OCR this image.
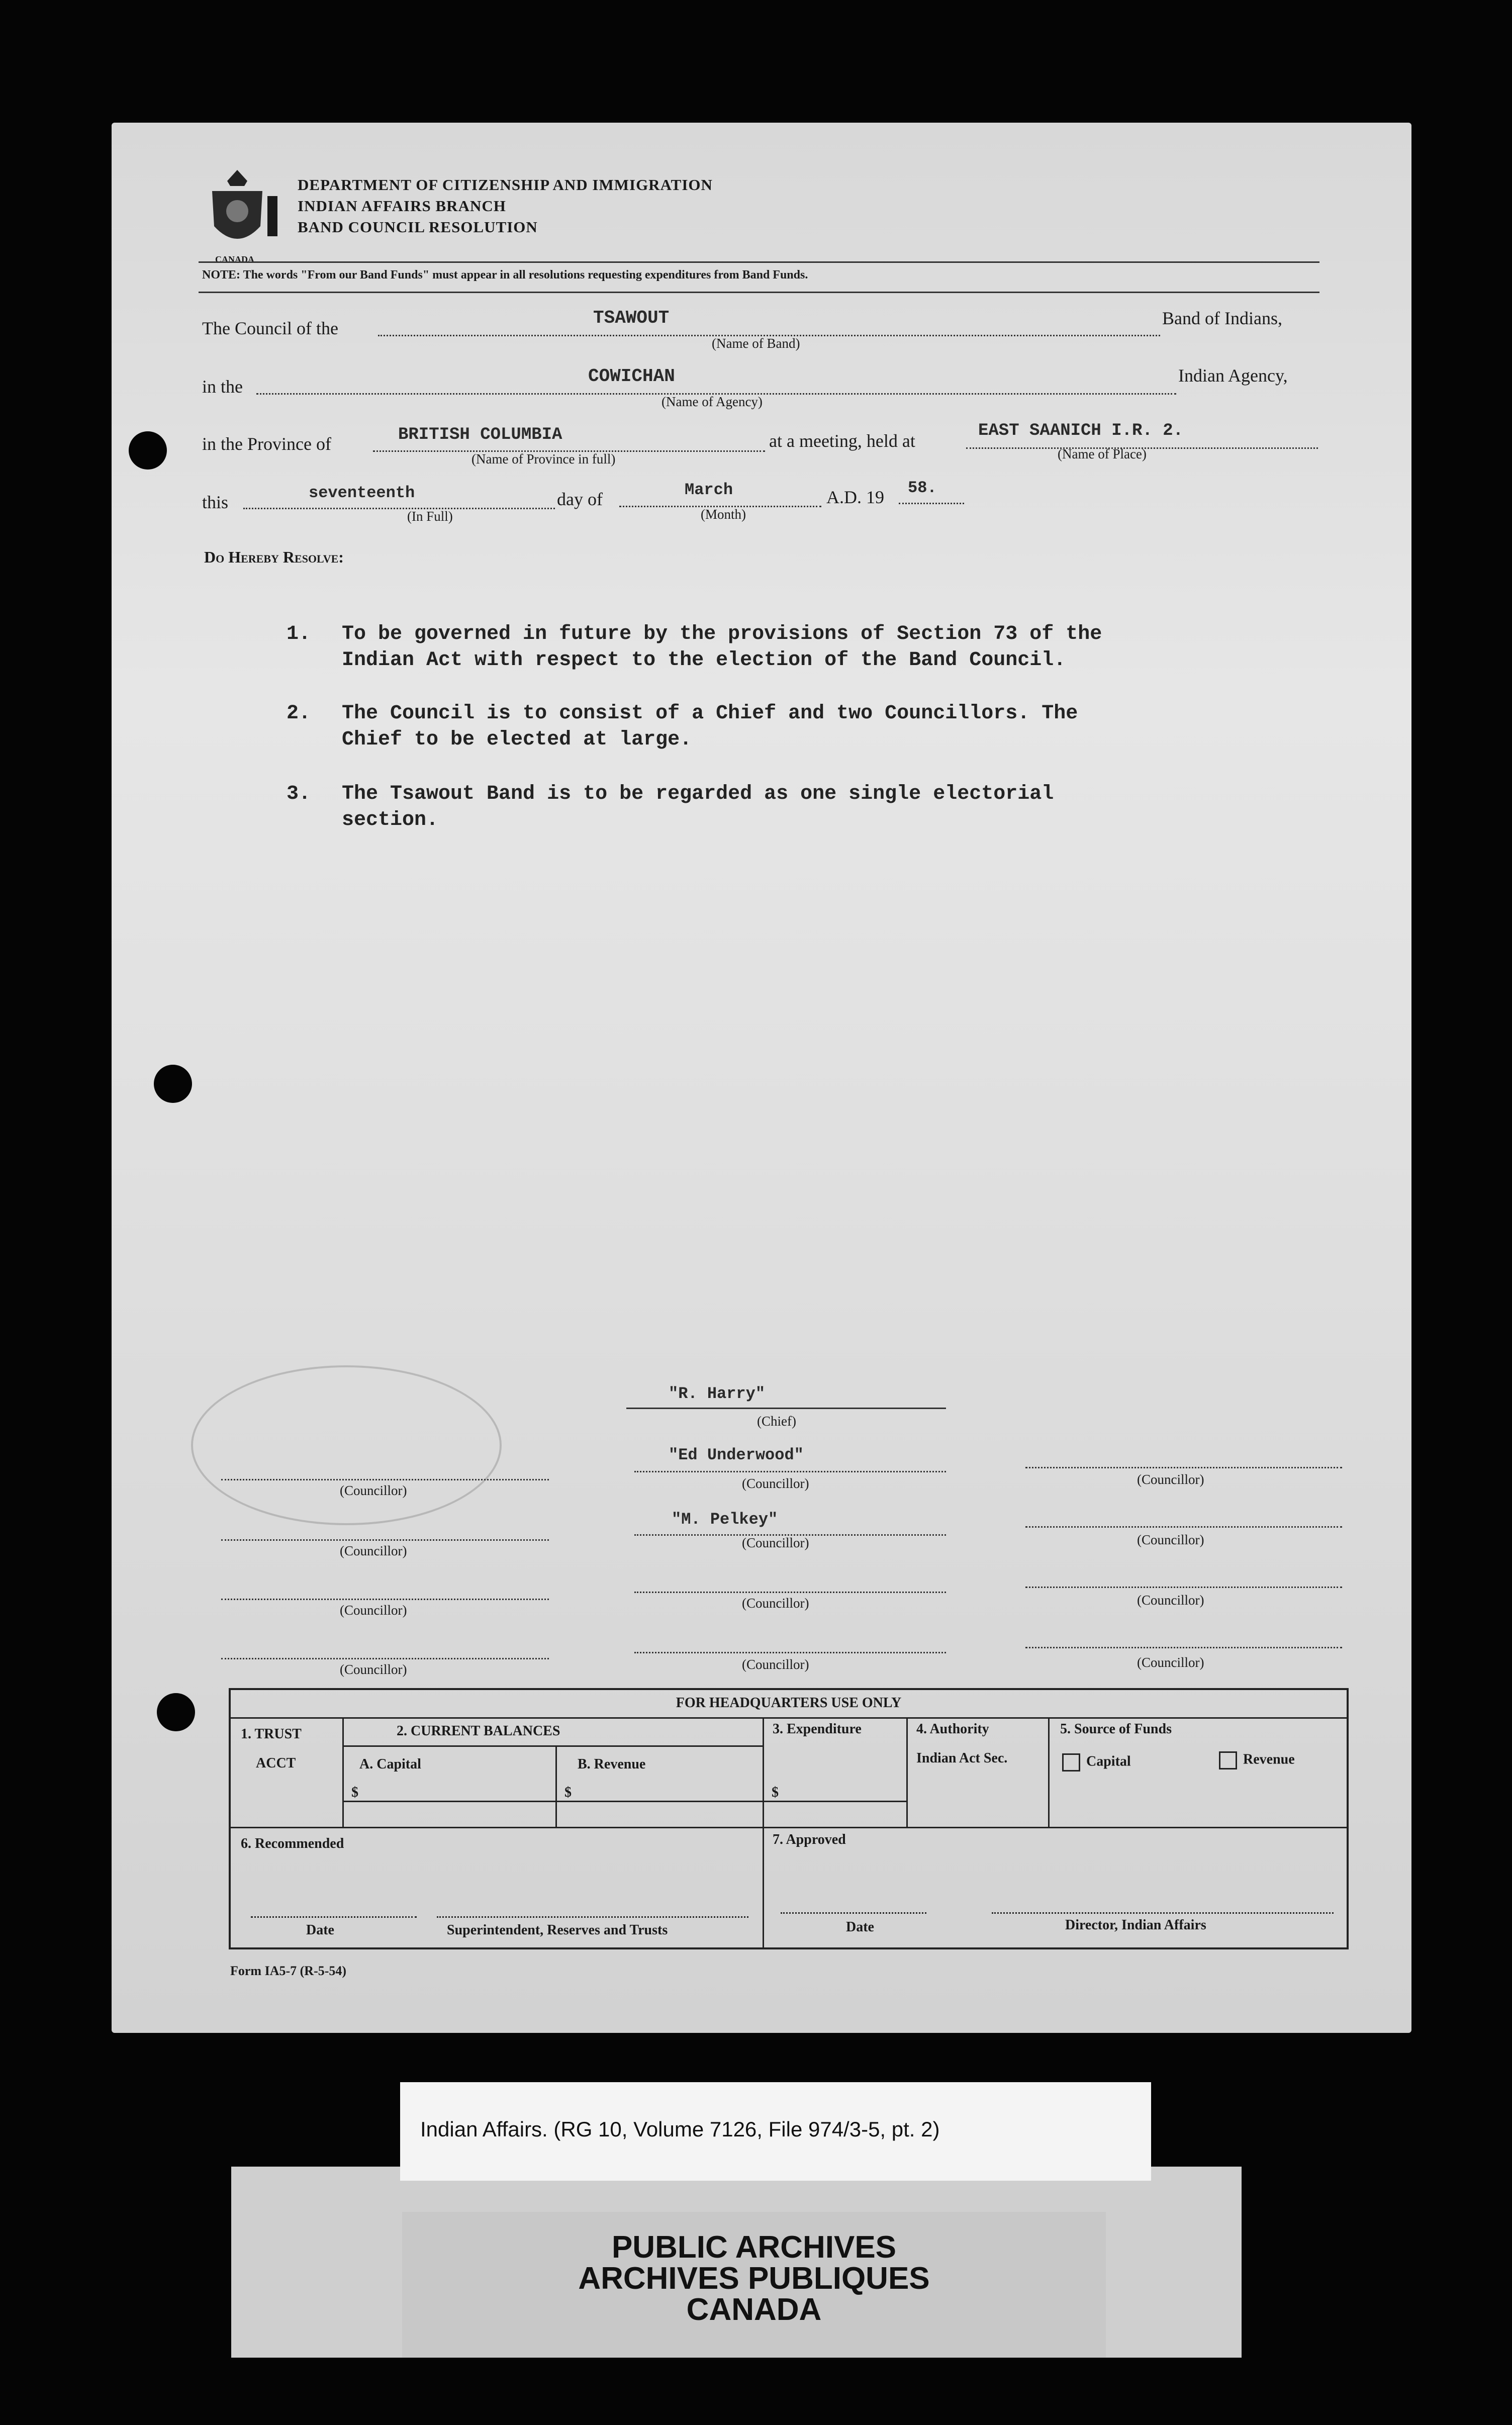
CANADA
DEPARTMENT OF CITIZENSHIP AND IMMIGRATION
INDIAN AFFAIRS BRANCH
BAND COUNCIL RESOLUTION
NOTE: The words "From our Band Funds" must appear in all resolutions requesting expenditures from Band Funds.
The Council of the	TSAWOUT
(Name of Band)
Band of Indians,
in the	COWICHAN
(Name of Agency)
Indian Agency,
in the Province of	BRITISH COLUMBIA
(Name of Province in full)
at a meeting, held at	EAST SAANICH I.R. 2.
(Name of Place)
this	seventeenth
(In Full)
day of	March
(Month)
A.D. 19 58.
Do Hereby Resolve:
1. To be governed in future by the provisions of Section 73 of the Indian Act with respect to the election of the Band Council.
2. The Council is to consist of a Chief and two Councillors. The Chief to be elected at large.
3. The Tsawout Band is to be regarded as one single electorial section.
"R. Harry"
(Chief)
"Ed Underwood"
(Councillor)
"M. Pelkey"
(Councillor)
(Councillor)
(Councillor)
(Councillor)
(Councillor)
(Councillor)
(Councillor)
(Councillor)
(Councillor)
(Councillor)
(Councillor)
FOR HEADQUARTERS USE ONLY
1. TRUST
ACCT
2. CURRENT BALANCES
A. Capital	B. Revenue
$	$
3. Expenditure
$
4. Authority
Indian Act Sec.
5. Source of Funds
Capital	Revenue
6. Recommended	7. Approved
Date	Superintendent, Reserves and Trusts	Date	Director, Indian Affairs
Form IA5-7 (R-5-54)
Indian Affairs. (RG 10, Volume 7126, File 974/3-5, pt. 2)
PUBLIC ARCHIVES
ARCHIVES PUBLIQUES
CANADA
